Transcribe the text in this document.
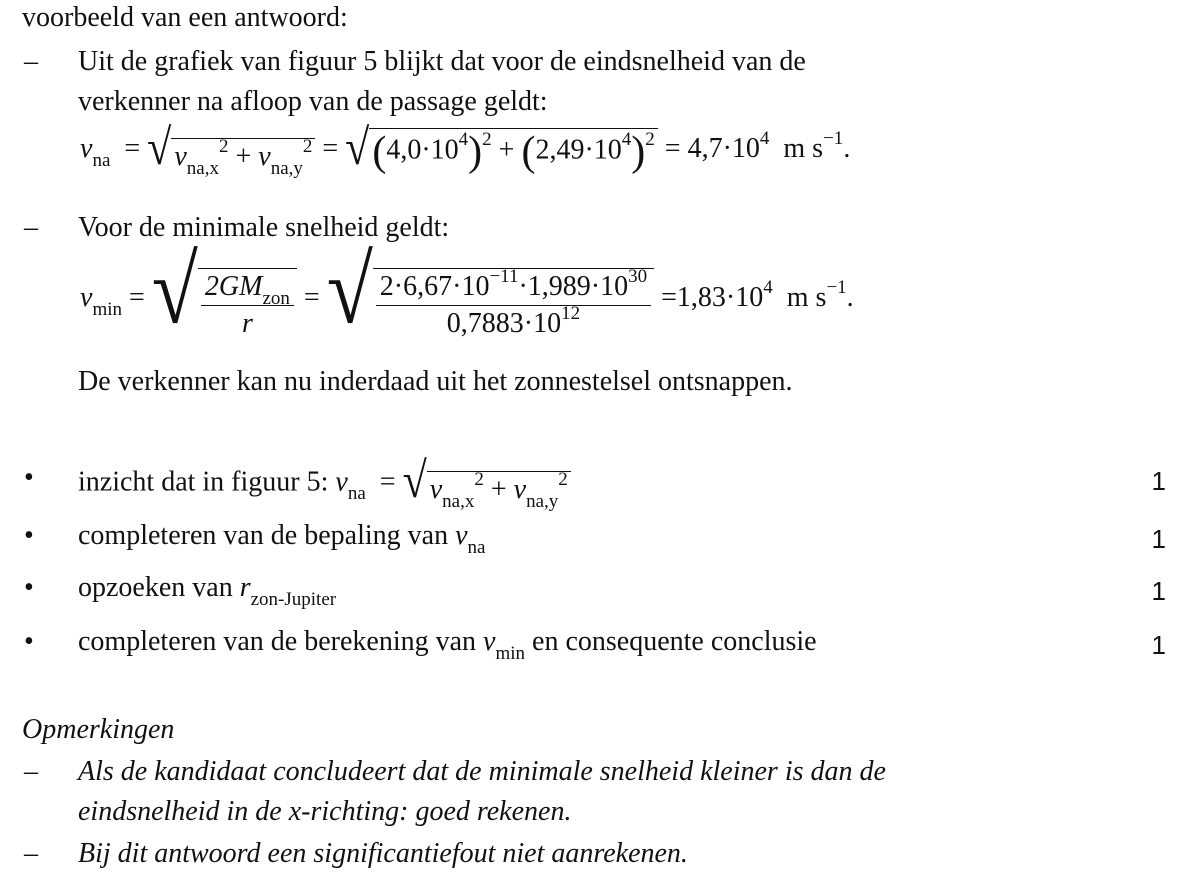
voorbeeld van een antwoord:
– Uit de grafiek van figuur 5 blijkt dat voor de eindsnelheid van de
verkenner na afloop van de passage geldt:
$v_{na}$ = √ $v_{na,x}^2 + v_{na,y}^2 = √(4,0\cdot 10^4)^2 + (2,49\cdot 10^4)^2 = 4,7\cdot 10^4$ m $s^{-1}$.
– Voor de minimale snelheid geldt:
$v_{min}$ = √ $\frac{2GM_{zon}}{r}$ = √ $\frac{2\cdot 6,67\cdot 10^{-11}\cdot 1,989\cdot 10^{30}}{0,7883\cdot 10^{12}} =1,83\cdot 10^4$ m $s^{-1}$.
De verkenner kan nu inderdaad uit het zonnestelsel ontsnappen.
• inzicht dat in figuur 5: $v_{na}$ = √ $v_{na,x}^2 + v_{na,y}^2$	1
• completeren van de bepaling van $v_{na}$	1
• opzoeken van $r_{zon-Jupiter}$	1
• completeren van de berekening van $v_{min}$ en consequente conclusie	1
Opmerkingen
– Als de kandidaat concludeert dat de minimale snelheid kleiner is dan de
eindsnelheid in de x-richting: goed rekenen.
– Bij dit antwoord een significantiefout niet aanrekenen.
